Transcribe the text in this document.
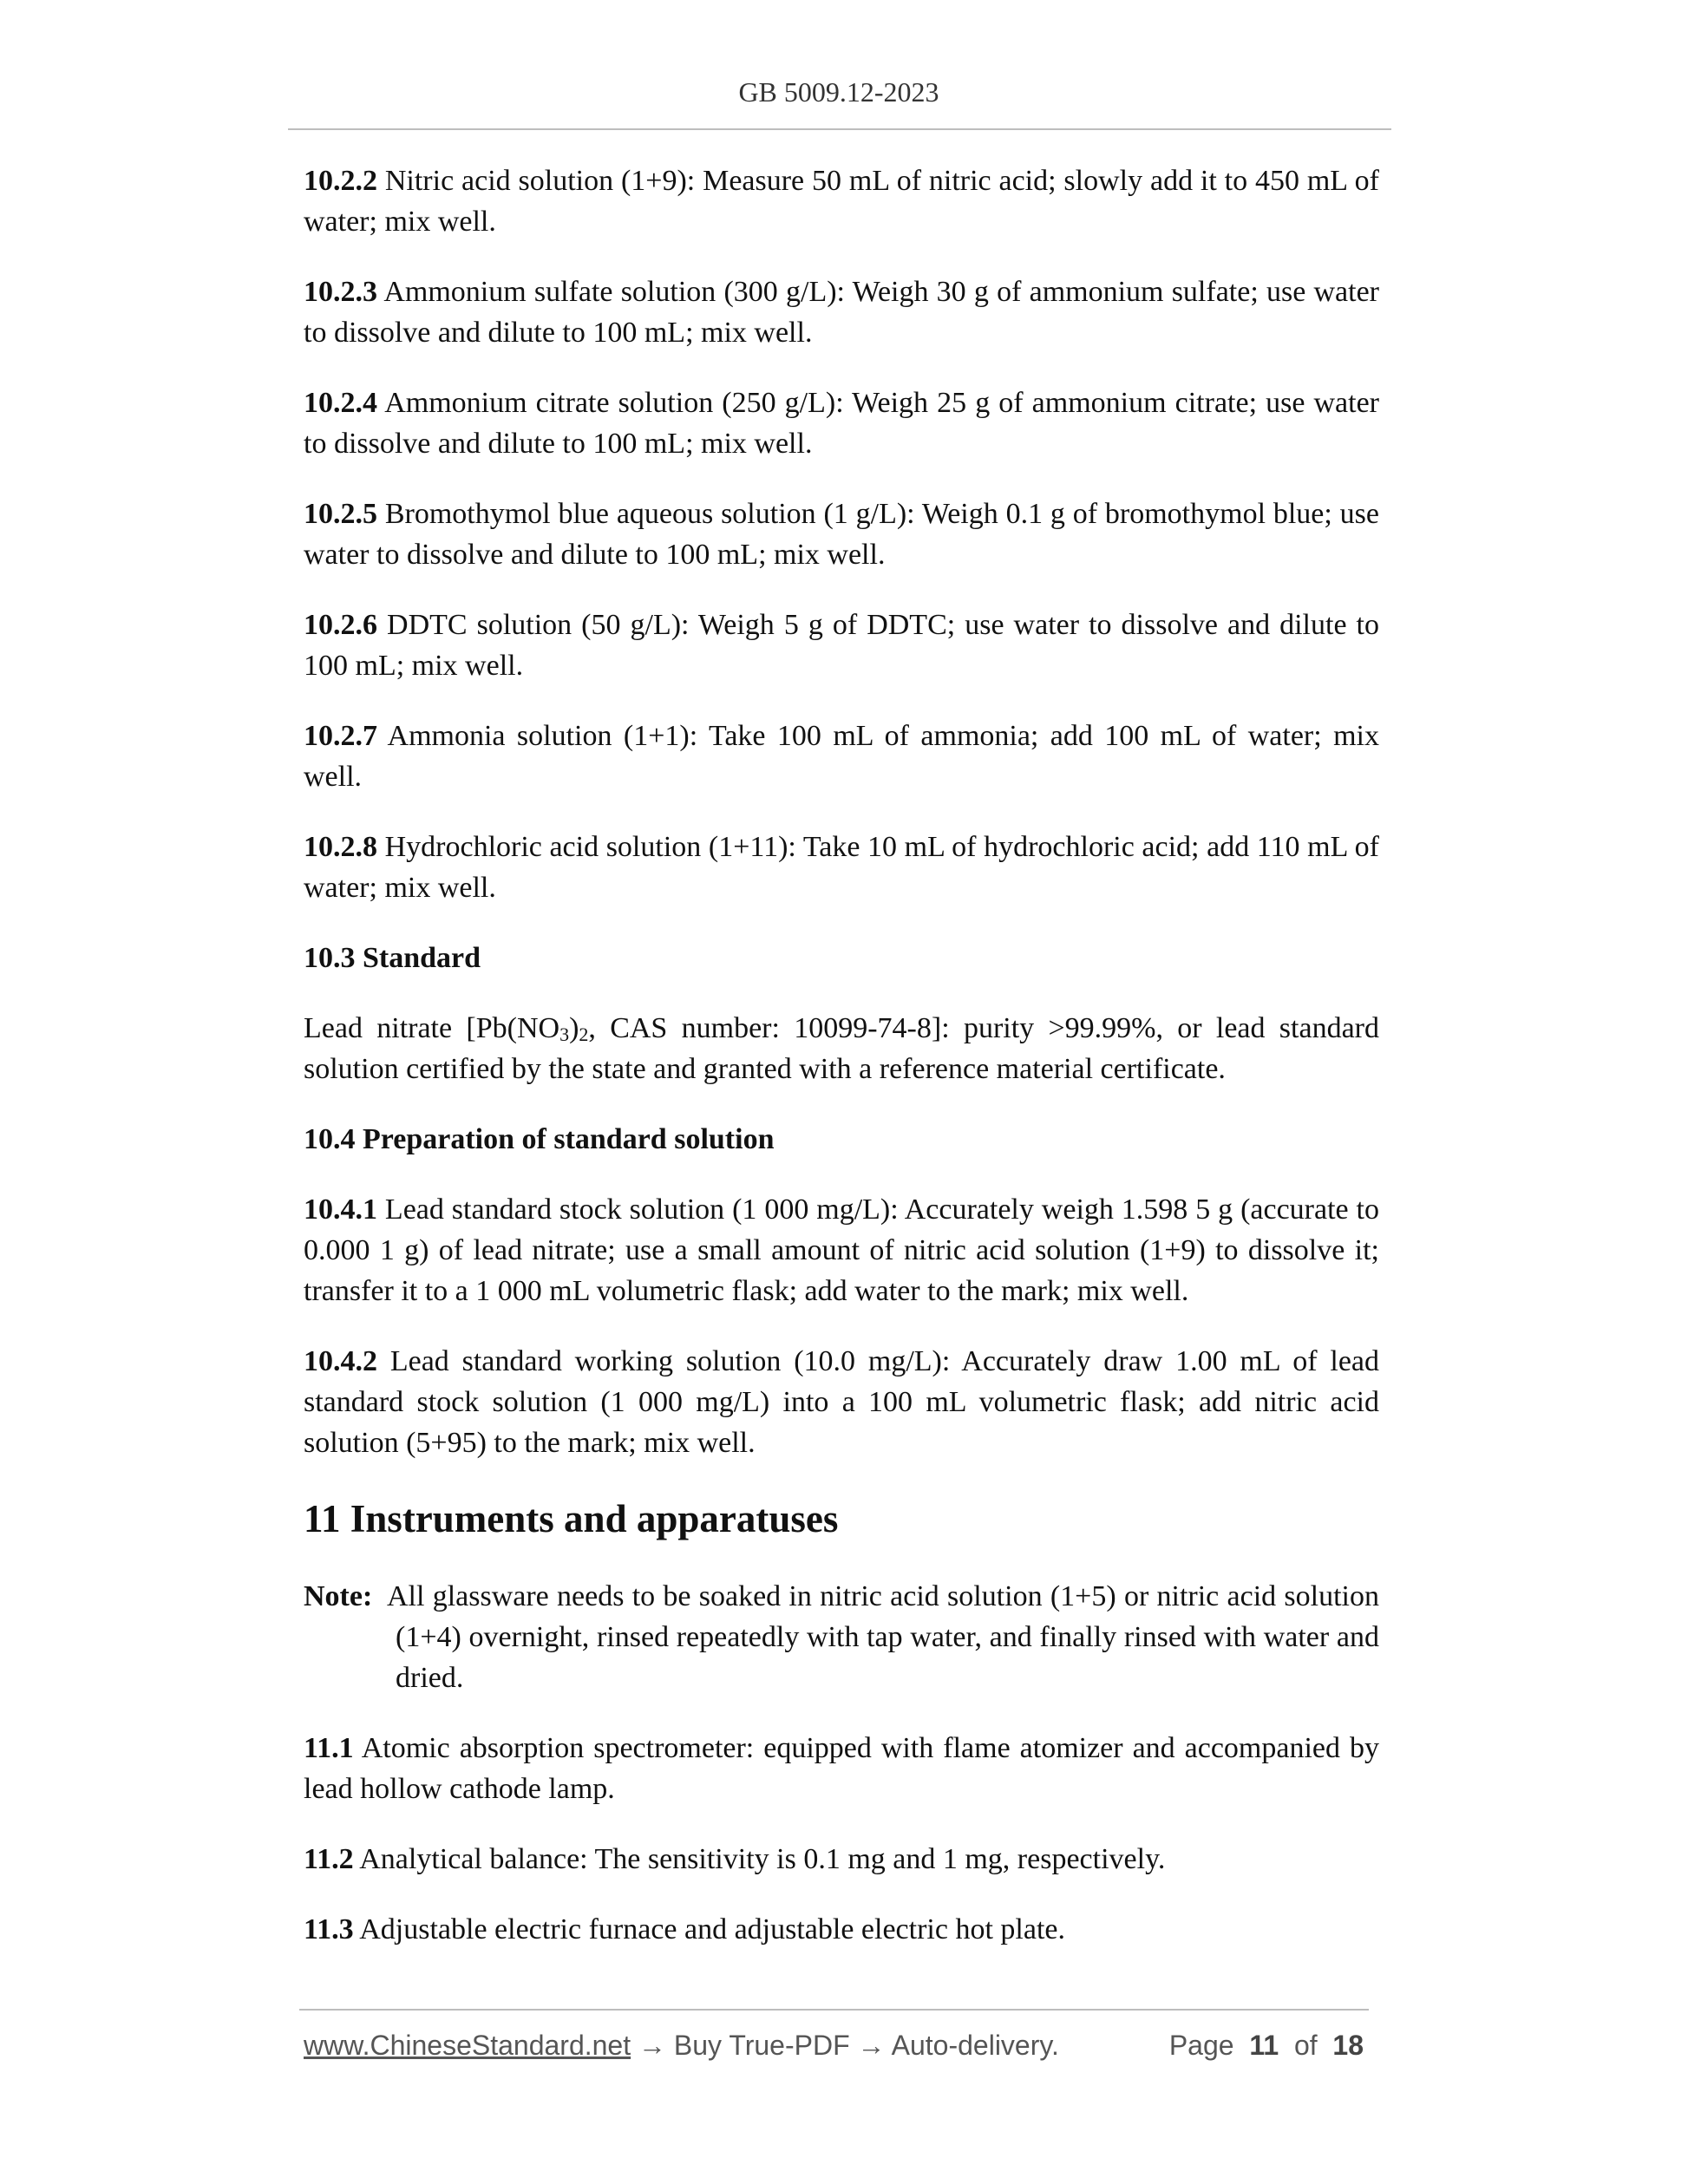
GB 5009.12-2023

10.2.2 Nitric acid solution (1+9): Measure 50 mL of nitric acid; slowly add it to 450 mL of water; mix well.

10.2.3 Ammonium sulfate solution (300 g/L): Weigh 30 g of ammonium sulfate; use water to dissolve and dilute to 100 mL; mix well.

10.2.4 Ammonium citrate solution (250 g/L): Weigh 25 g of ammonium citrate; use water to dissolve and dilute to 100 mL; mix well.

10.2.5 Bromothymol blue aqueous solution (1 g/L): Weigh 0.1 g of bromothymol blue; use water to dissolve and dilute to 100 mL; mix well.

10.2.6 DDTC solution (50 g/L): Weigh 5 g of DDTC; use water to dissolve and dilute to 100 mL; mix well.

10.2.7 Ammonia solution (1+1): Take 100 mL of ammonia; add 100 mL of water; mix well.

10.2.8 Hydrochloric acid solution (1+11): Take 10 mL of hydrochloric acid; add 110 mL of water; mix well.

10.3 Standard

Lead nitrate [$Pb(NO_3)_2$, CAS number: 10099-74-8]: purity >99.99%, or lead standard solution certified by the state and granted with a reference material certificate.

10.4 Preparation of standard solution

10.4.1 Lead standard stock solution (1 000 mg/L): Accurately weigh 1.598 5 g (accurate to 0.000 1 g) of lead nitrate; use a small amount of nitric acid solution (1+9) to dissolve it; transfer it to a 1 000 mL volumetric flask; add water to the mark; mix well.

10.4.2 Lead standard working solution (10.0 mg/L): Accurately draw 1.00 mL of lead standard stock solution (1 000 mg/L) into a 100 mL volumetric flask; add nitric acid solution (5+95) to the mark; mix well.

11 Instruments and apparatuses

Note: All glassware needs to be soaked in nitric acid solution (1+5) or nitric acid solution (1+4) overnight, rinsed repeatedly with tap water, and finally rinsed with water and dried.

11.1 Atomic absorption spectrometer: equipped with flame atomizer and accompanied by lead hollow cathode lamp.

11.2 Analytical balance: The sensitivity is 0.1 mg and 1 mg, respectively.

11.3 Adjustable electric furnace and adjustable electric hot plate.

www.ChineseStandard.net → Buy True-PDF → Auto-delivery.	Page 11 of 18
